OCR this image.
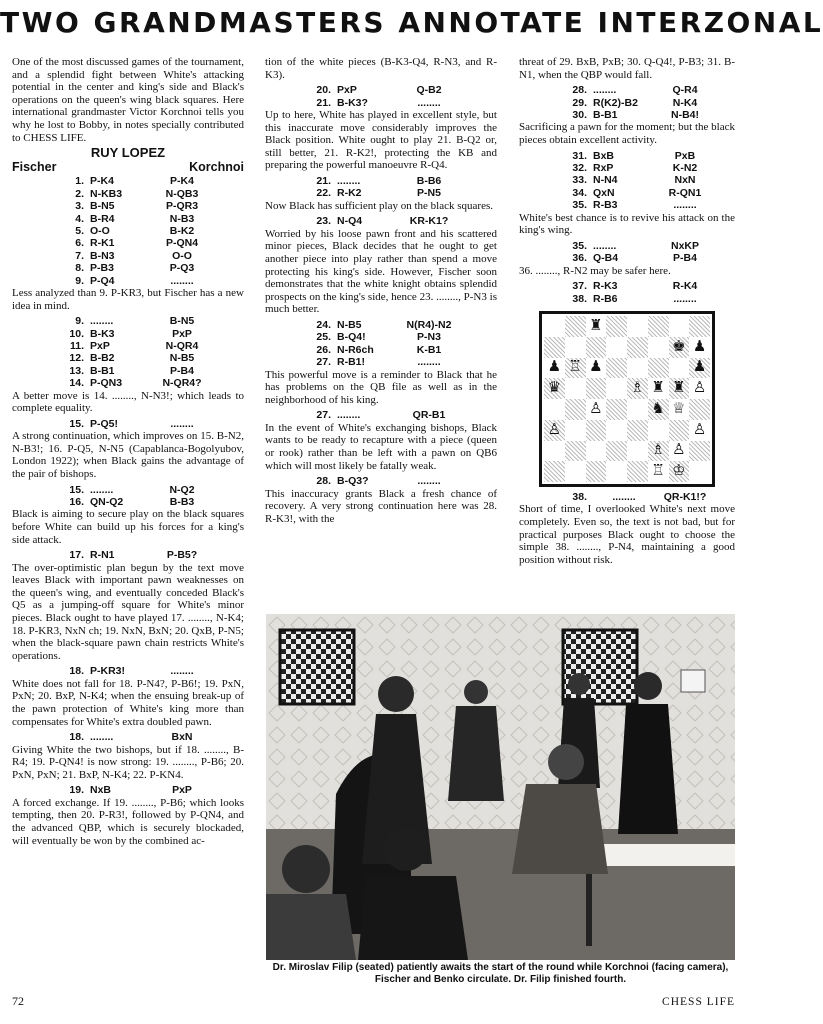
TWO GRANDMASTERS ANNOTATE INTERZONAL

One of the most discussed games of the tournament, and a splendid fight between White's attacking potential in the center and king's side and Black's operations on the queen's wing black squares. Here international grandmaster Victor Korchnoi tells you why he lost to Bobby, in notes specially contributed to CHESS LIFE.

RUY LOPEZ
Fischer	Korchnoi
1. P-K4	P-K4
2. N-KB3	N-QB3
3. B-N5	P-QR3
4. B-R4	N-B3
5. O-O	B-K2
6. R-K1	P-QN4
7. B-N3	O-O
8. P-B3	P-Q3
9. P-Q4	........

Less analyzed than 9. P-KR3, but Fischer has a new idea in mind.

9. ........	B-N5
10. B-K3	PxP
11. PxP	N-QR4
12. B-B2	N-B5
13. B-B1	P-B4
14. P-QN3	N-QR4?

A better move is 14. ........, N-N3!; which leads to complete equality.

15. P-Q5!	........

A strong continuation, which improves on 15. B-N2, N-B3!; 16. P-Q5, N-N5 (Capablanca-Bogolyubov, London 1922); when Black gains the advantage of the pair of bishops.

15. ........	N-Q2
16. QN-Q2	B-B3

Black is aiming to secure play on the black squares before White can build up his forces for a king's side attack.

17. R-N1	P-B5?

The over-optimistic plan begun by the text move leaves Black with important pawn weaknesses on the queen's wing, and eventually conceded Black's Q5 as a jumping-off square for White's minor pieces. Black ought to have played 17. ........, N-K4; 18. P-KR3, NxN ch; 19. NxN, BxN; 20. QxB, P-N5; when the black-square pawn chain restricts White's operations.

18. P-KR3!	........

White does not fall for 18. P-N4?, P-B6!; 19. PxN, PxN; 20. BxP, N-K4; when the ensuing break-up of the pawn protection of White's king more than compensates for White's extra doubled pawn.

18. ........	BxN

Giving White the two bishops, but if 18. ........, B-R4; 19. P-QN4! is now strong: 19. ........, P-B6; 20. PxN, PxN; 21. BxP, N-K4; 22. P-KN4.

19. NxB	PxP

A forced exchange. If 19. ........, P-B6; which looks tempting, then 20. P-R3!, followed by P-QN4, and the advanced QBP, which is securely blockaded, will eventually be won by the combined ac-

tion of the white pieces (B-K3-Q4, R-N3, and R-K3).

20. PxP	Q-B2
21. B-K3?	........

Up to here, White has played in excellent style, but this inaccurate move considerably improves the Black position. White ought to play 21. B-Q2 or, still better, 21. R-K2!, protecting the KB and preparing the powerful manoeuvre R-Q4.

21. ........	B-B6
22. R-K2	P-N5

Now Black has sufficient play on the black squares.

23. N-Q4	KR-K1?

Worried by his loose pawn front and his scattered minor pieces, Black decides that he ought to get another piece into play rather than spend a move protecting his king's side. However, Fischer soon demonstrates that the white knight obtains splendid prospects on the king's side, hence 23. ........, P-N3 is much better.

24. N-B5	N(R4)-N2
25. B-Q4!	P-N3
26. N-R6ch	K-B1
27. R-B1!	........

This powerful move is a reminder to Black that he has problems on the QB file as well as in the neighborhood of his king.

27. ........	QR-B1

In the event of White's exchanging bishops, Black wants to be ready to recapture with a piece (queen or rook) rather than be left with a pawn on QB6 which will most likely be fatally weak.

28. B-Q3?	........

This inaccuracy grants Black a fresh chance of recovery. A very strong continuation here was 28. R-K3!, with the

threat of 29. BxB, PxB; 30. Q-Q4!, P-B3; 31. B-N1, when the QBP would fall.

28. ........	Q-R4
29. R(K2)-B2	N-K4
30. B-B1	N-B4!

Sacrificing a pawn for the moment; but the black pieces obtain excellent activity.

31. BxB	PxB
32. RxP	K-N2
33. N-N4	NxN
34. QxN	R-QN1
35. R-B3	........

White's best chance is to revive his attack on the king's wing.

35. ........	NxKP
36. Q-B4	P-B4

36. ........, R-N2 may be safer here.

37. R-K3	R-K4
38. R-B6	........
♜
♚ ♟
♟ ♖ ♟	♟
♛	♗ ♜ ♜ ♙
♙	♞ ♕
♙	♙
♗ ♙
♖ ♔
38.	........	QR-K1!?

Short of time, I overlooked White's next move completely. Even so, the text is not bad, but for practical purposes Black ought to choose the simple 38. ........, P-N4, maintaining a good position without risk.

Dr. Miroslav Filip (seated) patiently awaits the start of the round while Korchnoi (facing camera), Fischer and Benko circulate. Dr. Filip finished fourth.
72	CHESS LIFE
